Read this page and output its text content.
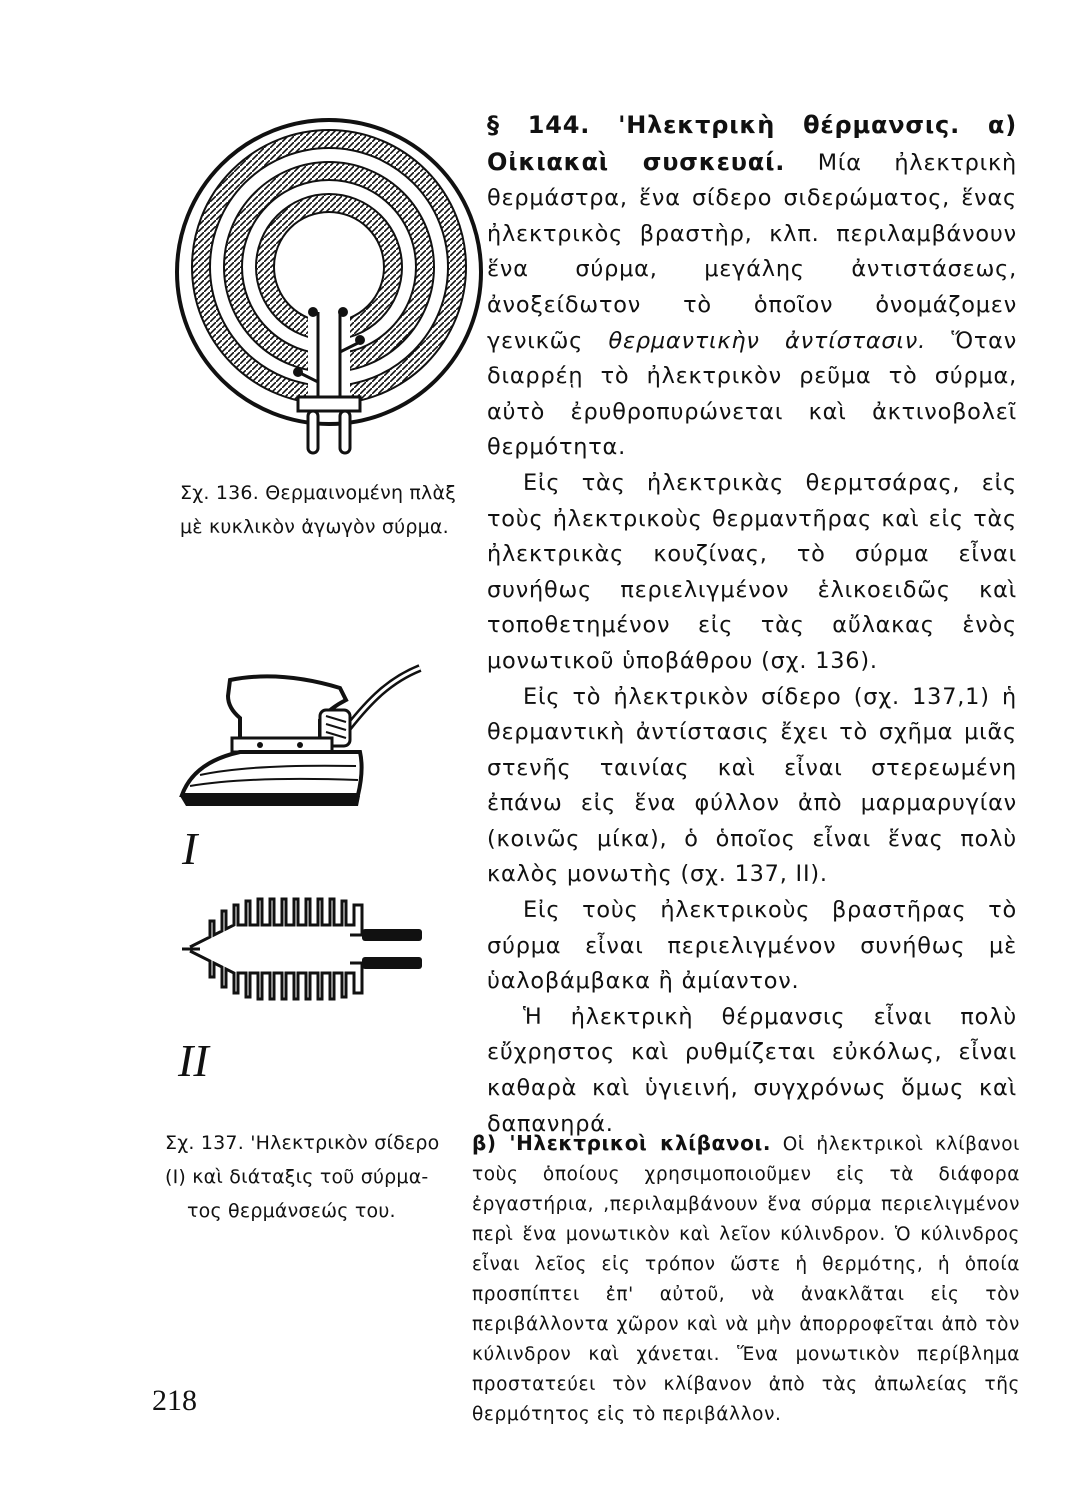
Σχ. 136. Θερμαινομένη πλὰξ μὲ κυκλικὸν ἀγωγὸν σύρμα.
I
II
Σχ. 137. 'Ηλεκτρικὸν σίδερο
(Ι) καὶ διάταξις τοῦ σύρμα-
τος θερμάνσεώς του.

§ 144. 'Ηλεκτρικὴ θέρμανσις. α) Οἰκιακαὶ συσκευαί. Μία ἠλεκτρικὴ θερμάστρα, ἕνα σίδερο σιδερώματος, ἕνας ἠλεκτρικὸς βραστὴρ, κλπ. περιλαμβάνουν ἕνα σύρμα, μεγάλης ἀντιστάσεως, ἀνοξείδωτον τὸ ὁποῖον ὀνομάζομεν γενικῶς θερμαντικὴν ἀντίστασιν. Ὅταν διαρρέῃ τὸ ἠλεκτρικὸν ρεῦμα τὸ σύρμα, αὐτὸ ἐρυθροπυρώνεται καὶ ἀκτινοβολεῖ θερμότητα.

Εἰς τὰς ἠλεκτρικὰς θερμτσάρας, εἰς τοὺς ἠλεκτρικοὺς θερμαντῆρας καὶ εἰς τὰς ἠλεκτρικὰς κουζίνας, τὸ σύρμα εἶναι συνήθως περιελιγμένον ἑλικοειδῶς καὶ τοποθετημένον εἰς τὰς αὔλακας ἑνὸς μονωτικοῦ ὑποβάθρου (σχ. 136).

Εἰς τὸ ἠλεκτρικὸν σίδερο (σχ. 137,1) ἡ θερμαντικὴ ἀντίστασις ἔχει τὸ σχῆμα μιᾶς στενῆς ταινίας καὶ εἶναι στερεωμένη ἐπάνω εἰς ἕνα φύλλον ἀπὸ μαρμαρυγίαν (κοινῶς μίκα), ὁ ὁποῖος εἶναι ἕνας πολὺ καλὸς μονωτὴς (σχ. 137, II).

Εἰς τοὺς ἠλεκτρικοὺς βραστῆρας τὸ σύρμα εἶναι περιελιγμένον συνήθως μὲ ὑαλοβάμβακα ἢ ἀμίαντον.

Ἡ ἠλεκτρικὴ θέρμανσις εἶναι πολὺ εὔχρηστος καὶ ρυθμίζεται εὐκόλως, εἶναι καθαρὰ καὶ ὑγιεινή, συγχρόνως ὅμως καὶ δαπανηρά.

β) 'Ηλεκτρικοὶ κλίβανοι. Οἱ ἠλεκτρικοὶ κλίβανοι τοὺς ὁποίους χρησιμοποιοῦμεν εἰς τὰ διάφορα ἐργαστήρια, ,περιλαμβάνουν ἕνα σύρμα περιελιγμένον περὶ ἕνα μονωτικὸν καὶ λεῖον κύλινδρον. Ὁ κύλινδρος εἶναι λεῖος εἰς τρόπον ὥστε ἡ θερμότης, ἡ ὁποία προσπίπτει ἐπ' αὐτοῦ, νὰ ἀνακλᾶται εἰς τὸν περιβάλλοντα χῶρον καὶ νὰ μὴν ἀπορροφεῖται ἀπὸ τὸν κύλινδρον καὶ χάνεται. Ἕνα μονωτικὸν περίβλημα προστατεύει τὸν κλίβανον ἀπὸ τὰς ἀπωλείας τῆς θερμότητος εἰς τὸ περιβάλλον.

218
